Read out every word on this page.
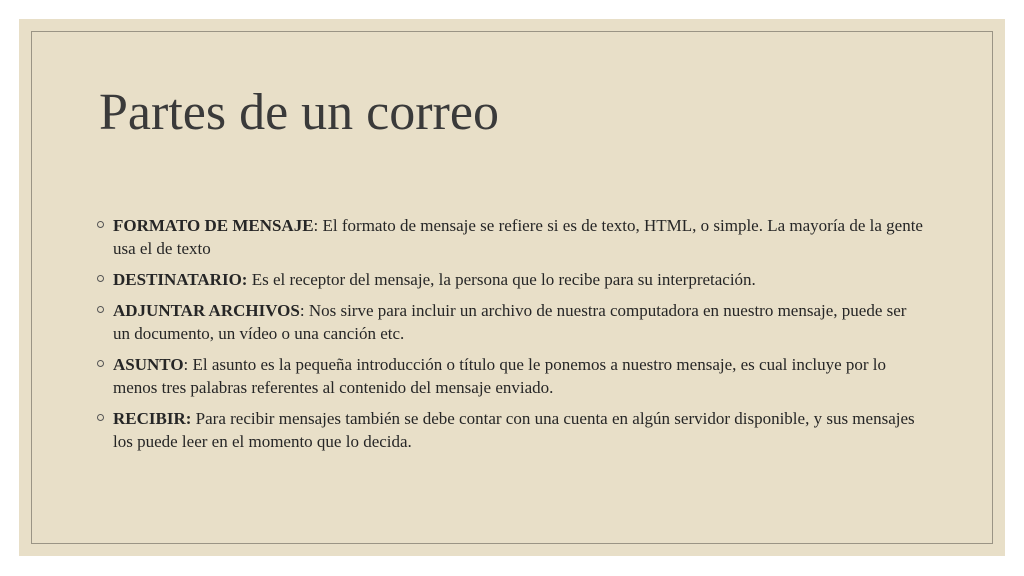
Partes de un correo
FORMATO DE MENSAJE: El formato de mensaje se refiere si es de texto, HTML, o simple. La mayoría de la gente usa el de texto
DESTINATARIO: Es el receptor del mensaje, la persona que lo recibe para su interpretación.
ADJUNTAR ARCHIVOS: Nos sirve para incluir un archivo de nuestra computadora en nuestro mensaje, puede ser un documento, un vídeo o una canción etc.
ASUNTO: El asunto es la pequeña introducción o título que le ponemos a nuestro mensaje, es cual incluye por lo menos tres palabras referentes al contenido del mensaje enviado.
RECIBIR: Para recibir mensajes también se debe contar con una cuenta en algún servidor disponible, y sus mensajes los puede leer en el momento que lo decida.
